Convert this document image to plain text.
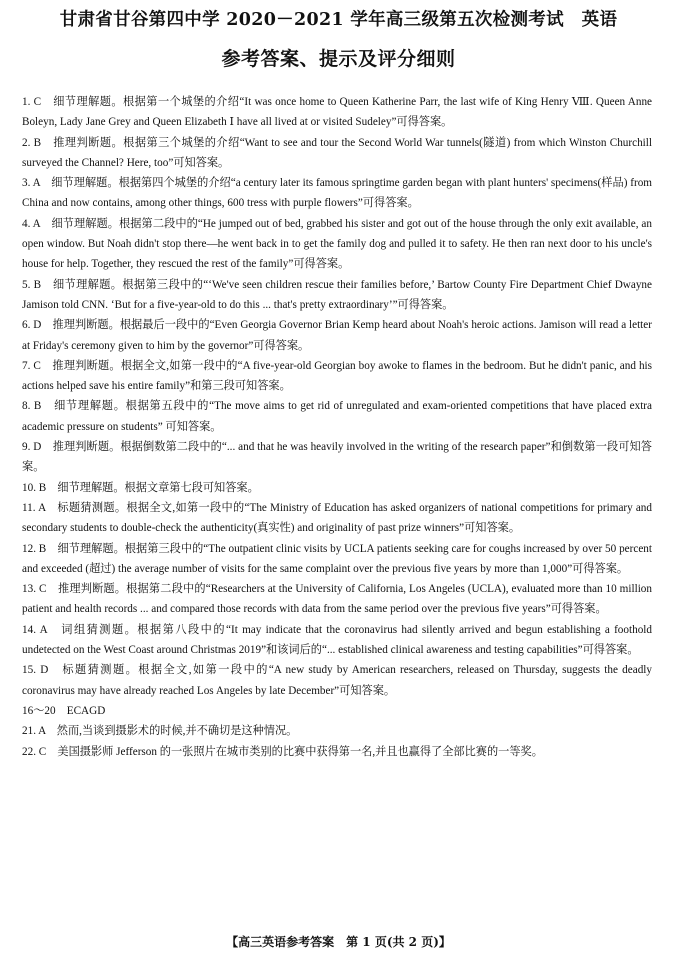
甘肃省甘谷第四中学 2020－2021 学年高三级第五次检测考试　英语
参考答案、提示及评分细则

1. C　细节理解题。根据第一个城堡的介绍“It was once home to Queen Katherine Parr, the last wife of King Henry Ⅷ. Queen Anne Boleyn, Lady Jane Grey and Queen Elizabeth Ⅰ have all lived at or visited Sudeley”可得答案。

2. B　推理判断题。根据第三个城堡的介绍“Want to see and tour the Second World War tunnels(隧道) from which Winston Churchill surveyed the Channel? Here, too”可知答案。

3. A　细节理解题。根据第四个城堡的介绍“a century later its famous springtime garden began with plant hunters' specimens(样品) from China and now contains, among other things, 600 tress with purple flowers”可得答案。

4. A　细节理解题。根据第二段中的“He jumped out of bed, grabbed his sister and got out of the house through the only exit available, an open window. But Noah didn't stop there—he went back in to get the family dog and pulled it to safety. He then ran next door to his uncle's house for help. Together, they rescued the rest of the family”可得答案。

5. B　细节理解题。根据第三段中的“‘We've seen children rescue their families before,’ Bartow County Fire Department Chief Dwayne Jamison told CNN. ‘But for a five-year-old to do this ... that's pretty extraordinary’”可得答案。

6. D　推理判断题。根据最后一段中的“Even Georgia Governor Brian Kemp heard about Noah's heroic actions. Jamison will read a letter at Friday's ceremony given to him by the governor”可得答案。

7. C　推理判断题。根据全文,如第一段中的“A five-year-old Georgian boy awoke to flames in the bedroom. But he didn't panic, and his actions helped save his entire family”和第三段可知答案。

8. B　细节理解题。根据第五段中的“The move aims to get rid of unregulated and exam-oriented competitions that have placed extra academic pressure on students” 可知答案。

9. D　推理判断题。根据倒数第二段中的“... and that he was heavily involved in the writing of the research paper”和倒数第一段可知答案。

10. B　细节理解题。根据文章第七段可知答案。

11. A　标题猜测题。根据全文,如第一段中的“The Ministry of Education has asked organizers of national competitions for primary and secondary students to double-check the authenticity(真实性) and originality of past prize winners”可知答案。

12. B　细节理解题。根据第三段中的“The outpatient clinic visits by UCLA patients seeking care for coughs increased by over 50 percent and exceeded (超过) the average number of visits for the same complaint over the previous five years by more than 1,000”可得答案。

13. C　推理判断题。根据第二段中的“Researchers at the University of California, Los Angeles (UCLA), evaluated more than 10 million patient and health records ... and compared those records with data from the same period over the previous five years”可得答案。

14. A　词组猜测题。根据第八段中的“It may indicate that the coronavirus had silently arrived and begun establishing a foothold undetected on the West Coast around Christmas 2019”和该词后的“... established clinical awareness and testing capabilities”可得答案。

15. D　标题猜测题。根据全文,如第一段中的“A new study by American researchers, released on Thursday, suggests the deadly coronavirus may have already reached Los Angeles by late December”可知答案。

16～20　ECAGD

21. A　然而,当谈到摄影术的时候,并不确切是这种情况。

22. C　美国摄影师 Jefferson 的一张照片在城市类别的比赛中获得第一名,并且也赢得了全部比赛的一等奖。

【高三英语参考答案　第 1 页(共 2 页)】
